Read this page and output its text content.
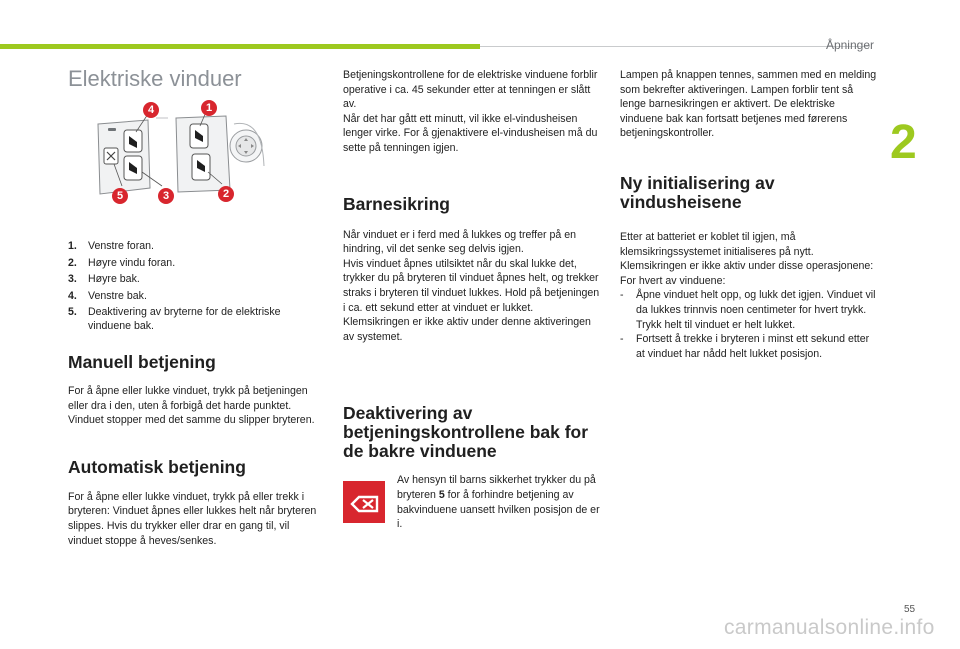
Åpninger
2
Elektriske vinduer
4	1
5	3	2
1.	Venstre foran.
2.	Høyre vindu foran.
3.	Høyre bak.
4.	Venstre bak.
5.	Deaktivering av bryterne for de elektriske vinduene bak.
Manuell betjening

For å åpne eller lukke vinduet, trykk på betjeningen eller dra i den, uten å forbigå det harde punktet. Vinduet stopper med det samme du slipper bryteren.

Automatisk betjening

For å åpne eller lukke vinduet, trykk på eller trekk i bryteren: Vinduet åpnes eller lukkes helt når bryteren slippes. Hvis du trykker eller drar en gang til, vil vinduet stoppe å heves/senkes.

Betjeningskontrollene for de elektriske vinduene forblir operative i ca. 45 sekunder etter at tenningen er slått av.
Når det har gått ett minutt, vil ikke el-vindusheisen lenger virke. For å gjenaktivere el-vindusheisen må du sette på tenningen igjen.

Barnesikring

Når vinduet er i ferd med å lukkes og treffer på en hindring, vil det senke seg delvis igjen.
Hvis vinduet åpnes utilsiktet når du skal lukke det, trykker du på bryteren til vinduet åpnes helt, og trekker straks i bryteren til vinduet lukkes. Hold på betjeningen i ca. ett sekund etter at vinduet er lukket.
Klemsikringen er ikke aktiv under denne aktiveringen av systemet.

Deaktivering av betjeningskontrollene bak for de bakre vinduene

Av hensyn til barns sikkerhet trykker du på bryteren 5 for å forhindre betjening av bakvinduene uansett hvilken posisjon de er i.

Lampen på knappen tennes, sammen med en melding som bekrefter aktiveringen. Lampen forblir tent så lenge barnesikringen er aktivert. De elektriske vinduene bak kan fortsatt betjenes med førerens betjeningskontroller.

Ny initialisering av vindusheisene

Etter at batteriet er koblet til igjen, må klemsikringssystemet initialiseres på nytt.
Klemsikringen er ikke aktiv under disse operasjonene:
For hvert av vinduene:

-	Åpne vinduet helt opp, og lukk det igjen. Vinduet vil da lukkes trinnvis noen centimeter for hvert trykk. Trykk helt til vinduet er helt lukket.
-	Fortsett å trekke i bryteren i minst ett sekund etter at vinduet har nådd helt lukket posisjon.
55
carmanualsonline.info
